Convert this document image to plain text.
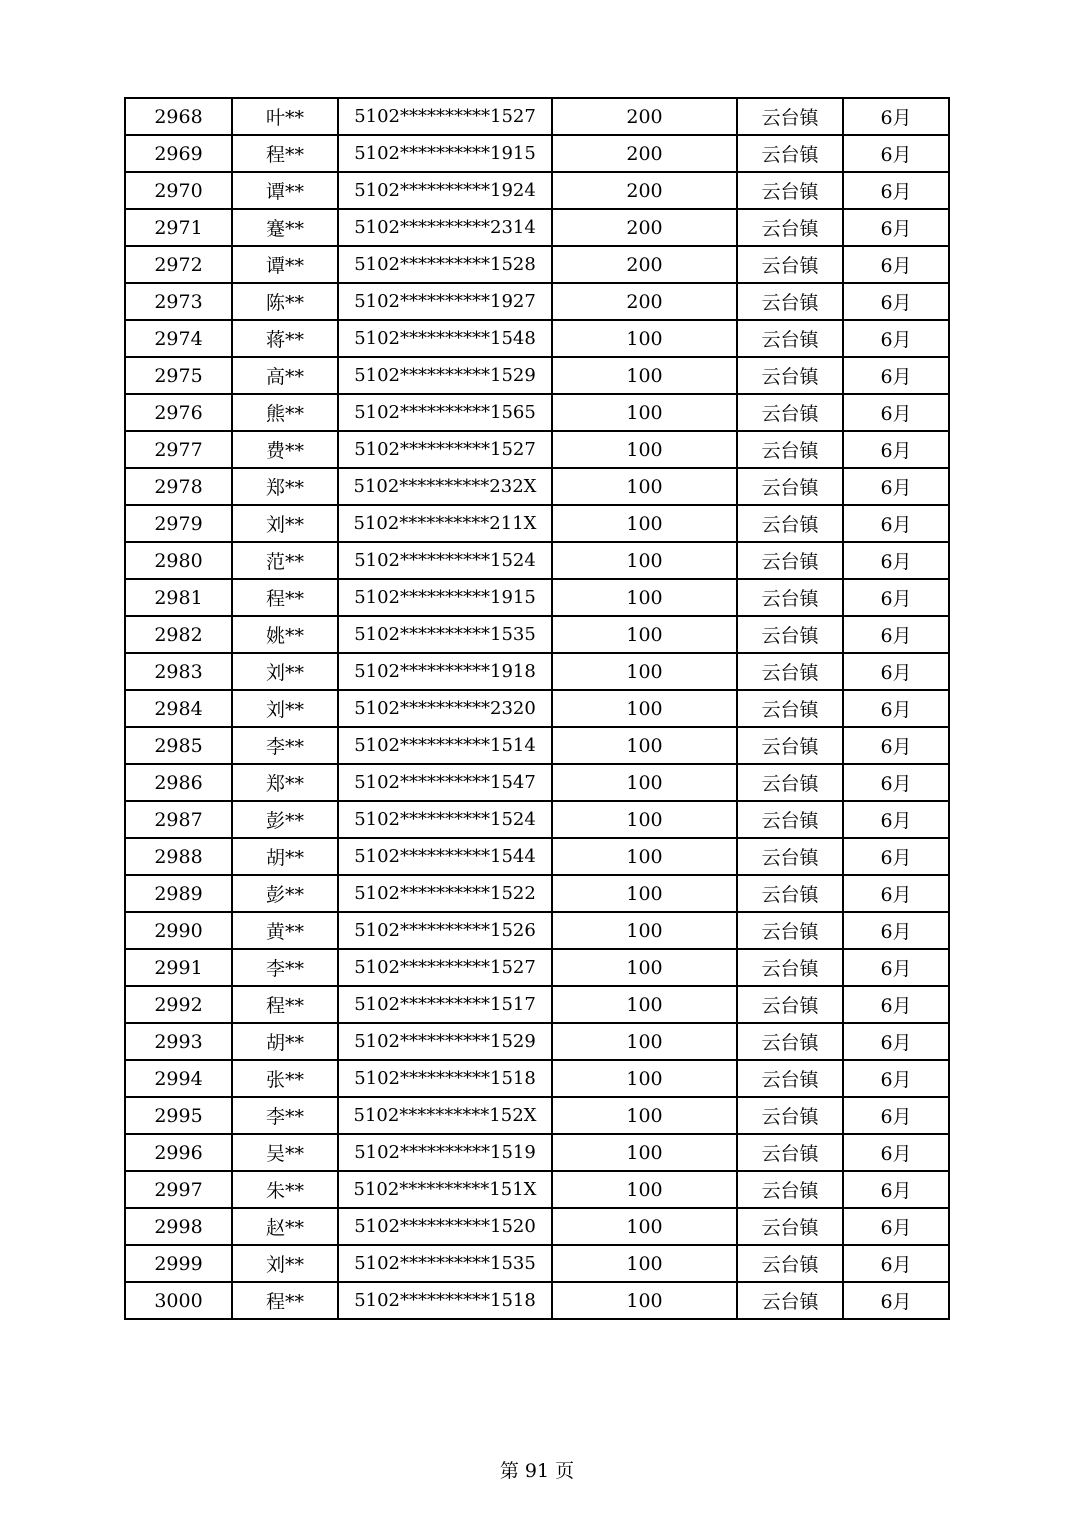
2968	叶**	5102**********1527	200	云台镇	6月
2969	程**	5102**********1915	200	云台镇	6月
2970	谭**	5102**********1924	200	云台镇	6月
2971	蹇**	5102**********2314	200	云台镇	6月
2972	谭**	5102**********1528	200	云台镇	6月
2973	陈**	5102**********1927	200	云台镇	6月
2974	蒋**	5102**********1548	100	云台镇	6月
2975	高**	5102**********1529	100	云台镇	6月
2976	熊**	5102**********1565	100	云台镇	6月
2977	费**	5102**********1527	100	云台镇	6月
2978	郑**	5102**********232X	100	云台镇	6月
2979	刘**	5102**********211X	100	云台镇	6月
2980	范**	5102**********1524	100	云台镇	6月
2981	程**	5102**********1915	100	云台镇	6月
2982	姚**	5102**********1535	100	云台镇	6月
2983	刘**	5102**********1918	100	云台镇	6月
2984	刘**	5102**********2320	100	云台镇	6月
2985	李**	5102**********1514	100	云台镇	6月
2986	郑**	5102**********1547	100	云台镇	6月
2987	彭**	5102**********1524	100	云台镇	6月
2988	胡**	5102**********1544	100	云台镇	6月
2989	彭**	5102**********1522	100	云台镇	6月
2990	黄**	5102**********1526	100	云台镇	6月
2991	李**	5102**********1527	100	云台镇	6月
2992	程**	5102**********1517	100	云台镇	6月
2993	胡**	5102**********1529	100	云台镇	6月
2994	张**	5102**********1518	100	云台镇	6月
2995	李**	5102**********152X	100	云台镇	6月
2996	吴**	5102**********1519	100	云台镇	6月
2997	朱**	5102**********151X	100	云台镇	6月
2998	赵**	5102**********1520	100	云台镇	6月
2999	刘**	5102**********1535	100	云台镇	6月
3000	程**	5102**********1518	100	云台镇	6月
第 91 页
